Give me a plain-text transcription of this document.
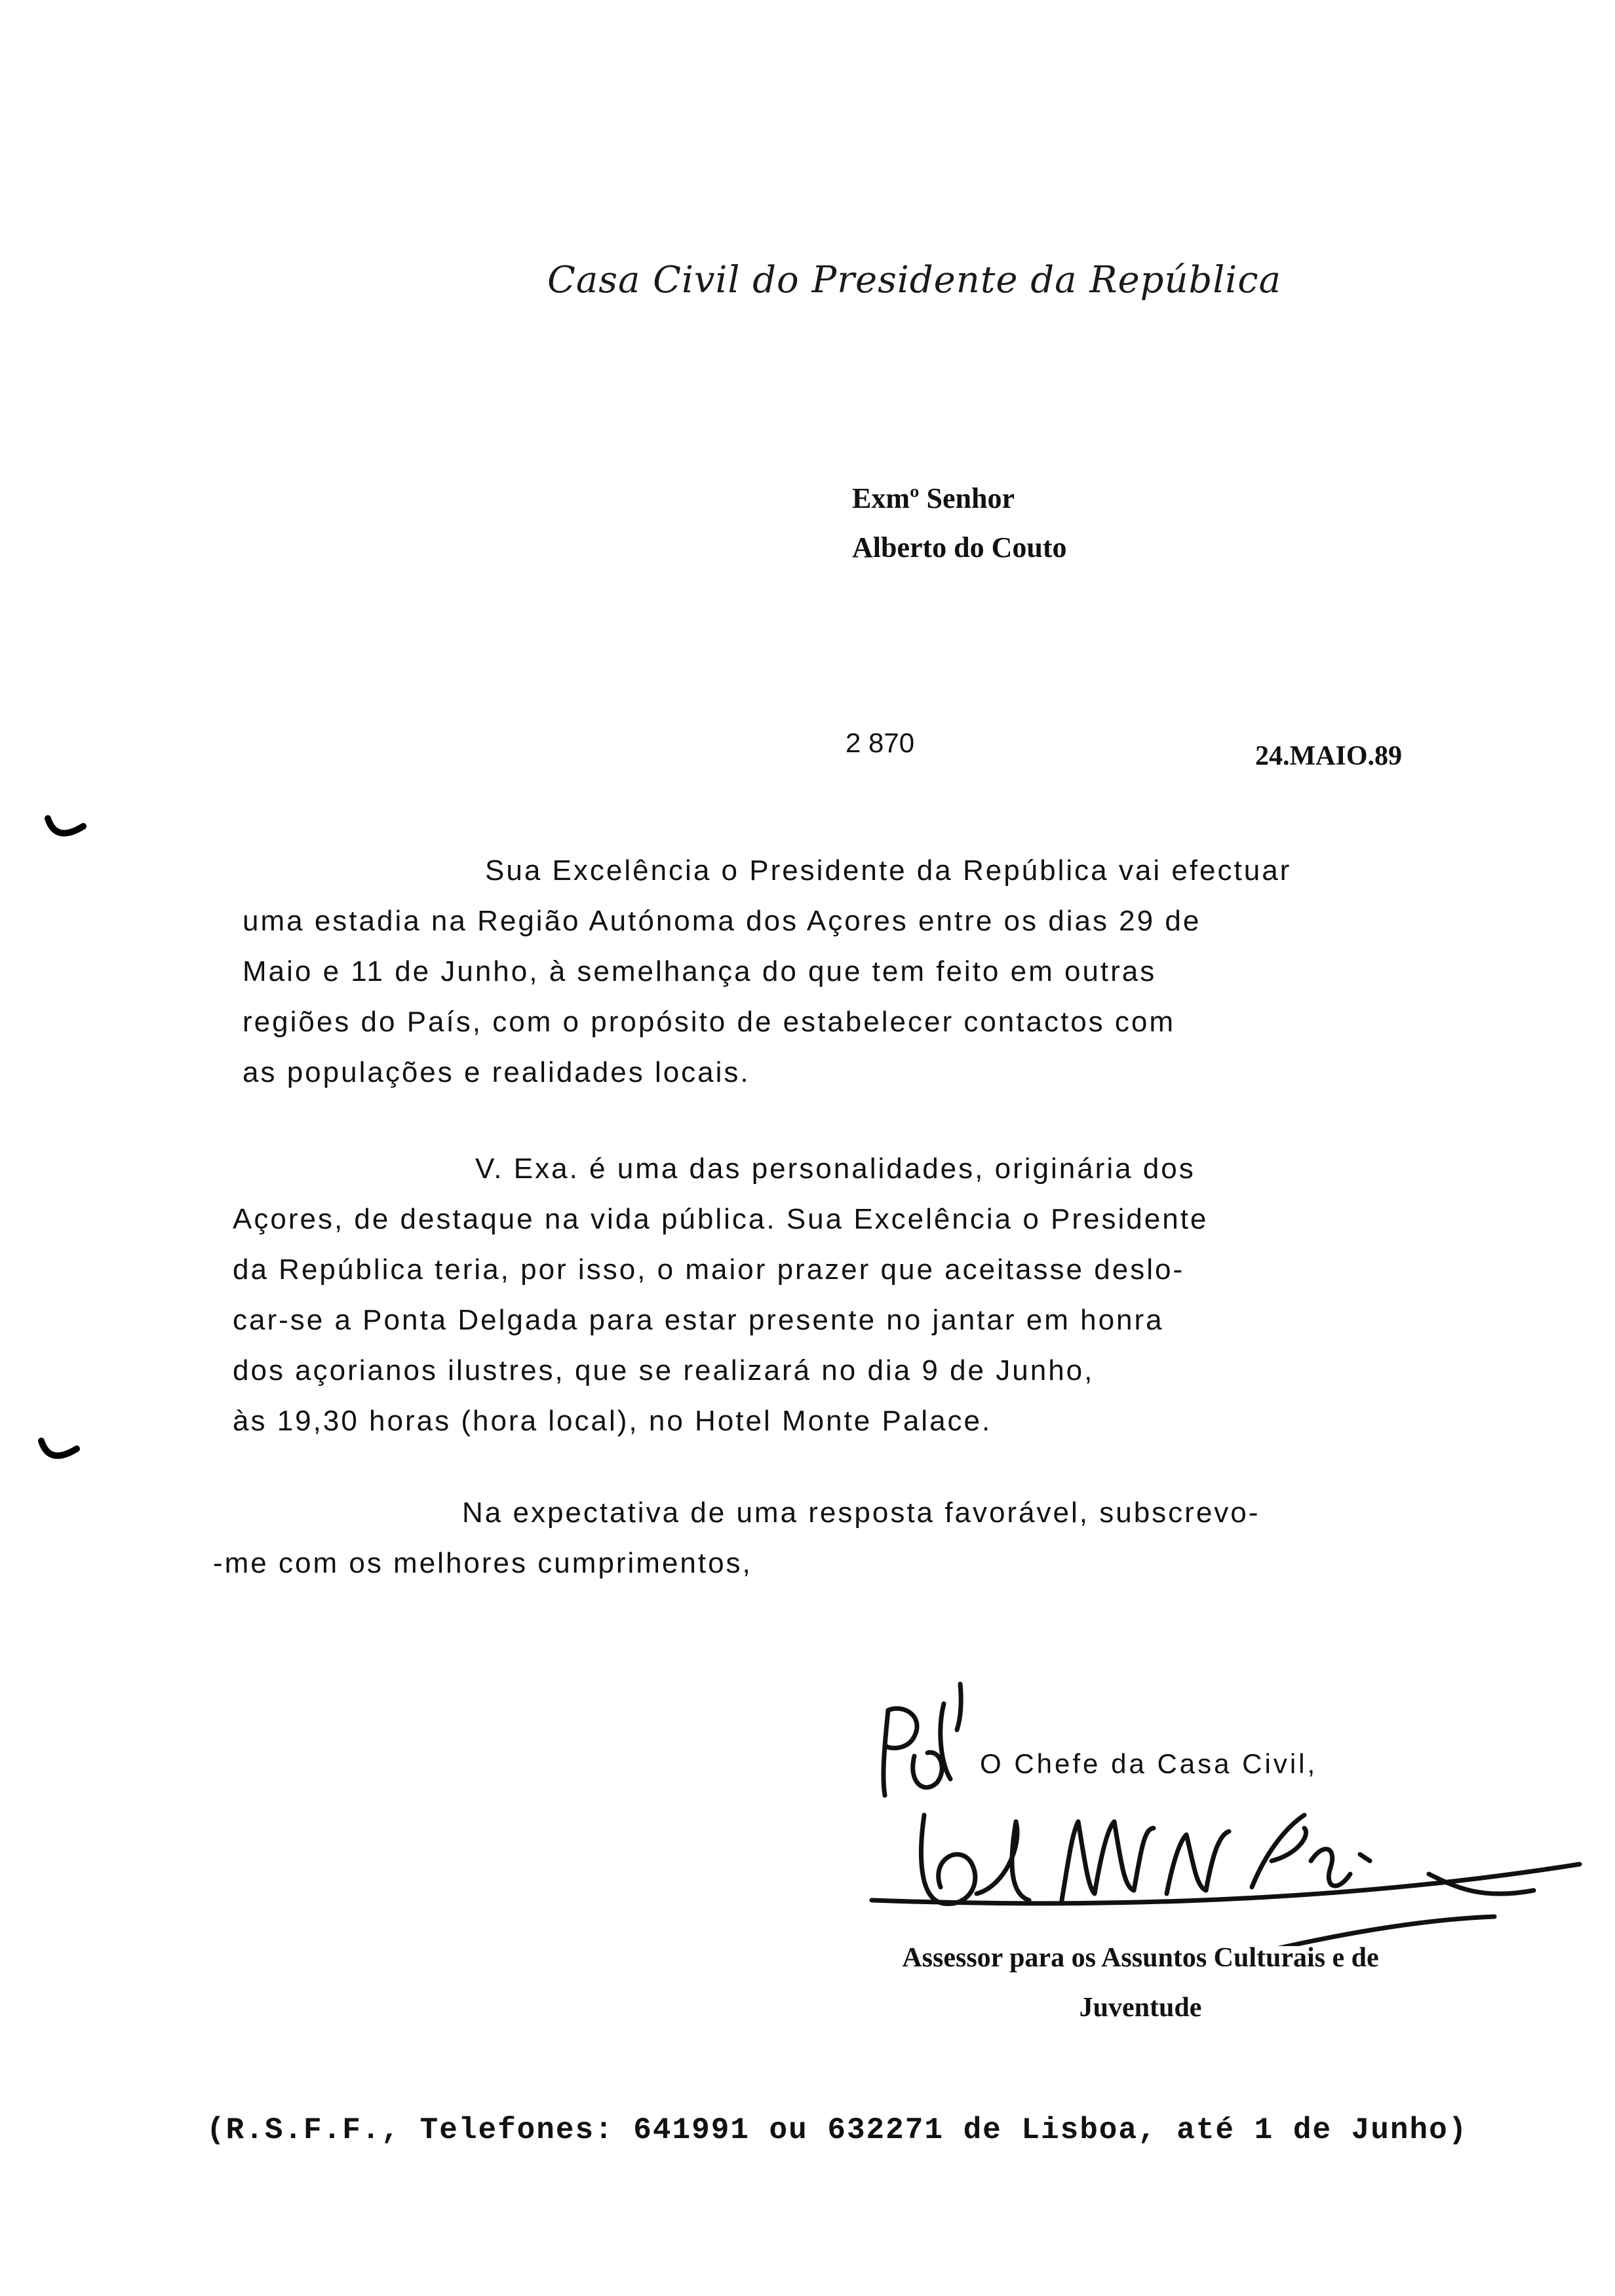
Casa Civil do Presidente da República
Exmº Senhor
Alberto do Couto
2 870	24.MAIO.89
Sua Excelência o Presidente da República vai efectuar
uma estadia na Região Autónoma dos Açores entre os dias 29 de
Maio e 11 de Junho, à semelhança do que tem feito em outras
regiões do País, com o propósito de estabelecer contactos com
as populações e realidades locais.
V. Exa. é uma das personalidades, originária dos
Açores, de destaque na vida pública. Sua Excelência o Presidente
da República teria, por isso, o maior prazer que aceitasse deslo-
car-se a Ponta Delgada para estar presente no jantar em honra
dos açorianos ilustres, que se realizará no dia 9 de Junho,
às 19,30 horas (hora local), no Hotel Monte Palace.
Na expectativa de uma resposta favorável, subscrevo-
-me com os melhores cumprimentos,
O Chefe da Casa Civil,
Assessor para os Assuntos Culturais e de
Juventude
(R.S.F.F., Telefones: 641991 ou 632271 de Lisboa, até 1 de Junho)
